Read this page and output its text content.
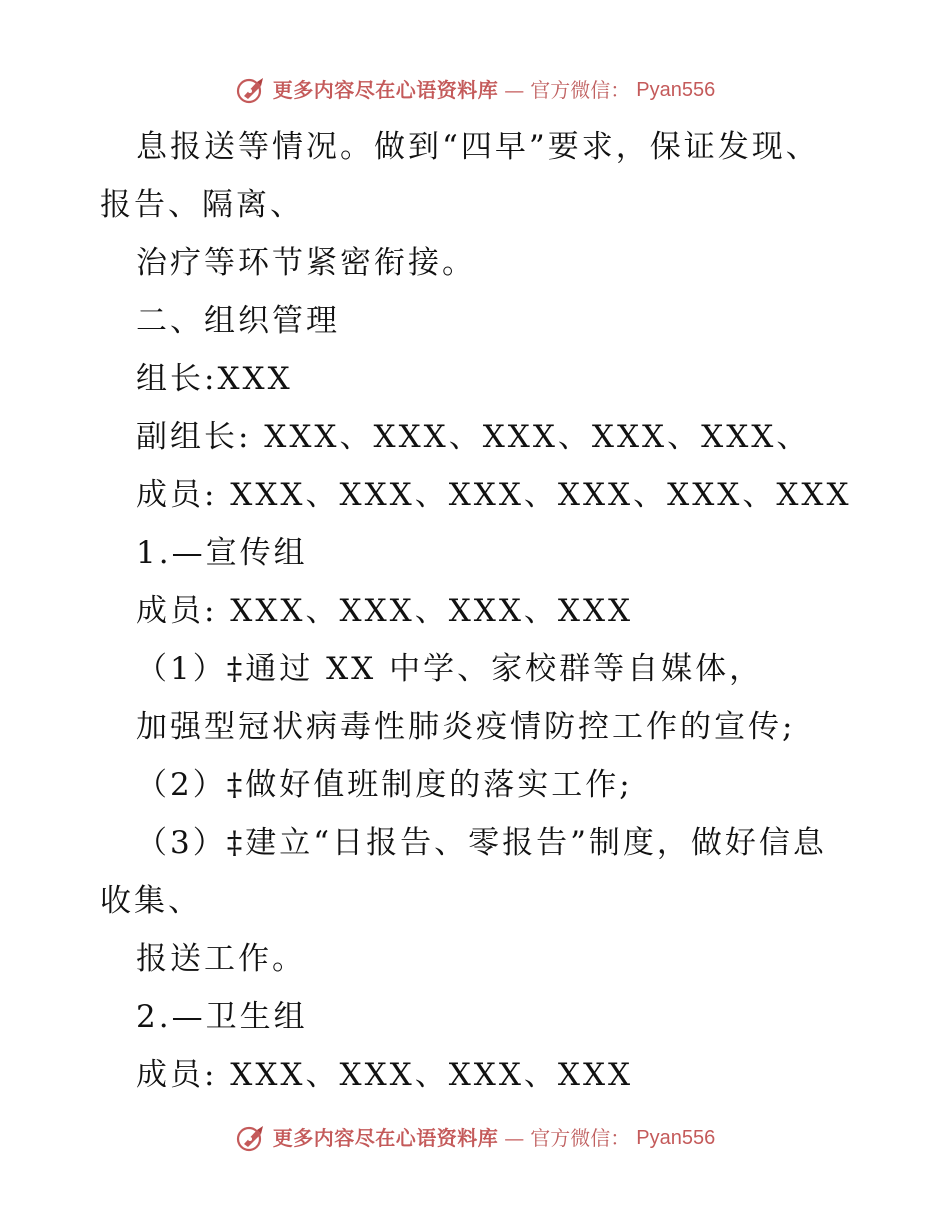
更多内容尽在心语资料库 — 官方微信： Pyan556
息报送等情况。做到“四早”要求，保证发现、
报告、隔离、
治疗等环节紧密衔接。
二、组织管理
组长:XXX
副组长: XXX、XXX、XXX、XXX、XXX、
成员: XXX、XXX、XXX、XXX、XXX、XXX
1.—宣传组
成员: XXX、XXX、XXX、XXX
（1）‡通过 XX 中学、家校群等自媒体，
加强型冠状病毒性肺炎疫情防控工作的宣传;
（2）‡做好值班制度的落实工作;
（3）‡建立“日报告、零报告”制度，做好信息
收集、
报送工作。
2.—卫生组
成员: XXX、XXX、XXX、XXX
更多内容尽在心语资料库 — 官方微信： Pyan556
